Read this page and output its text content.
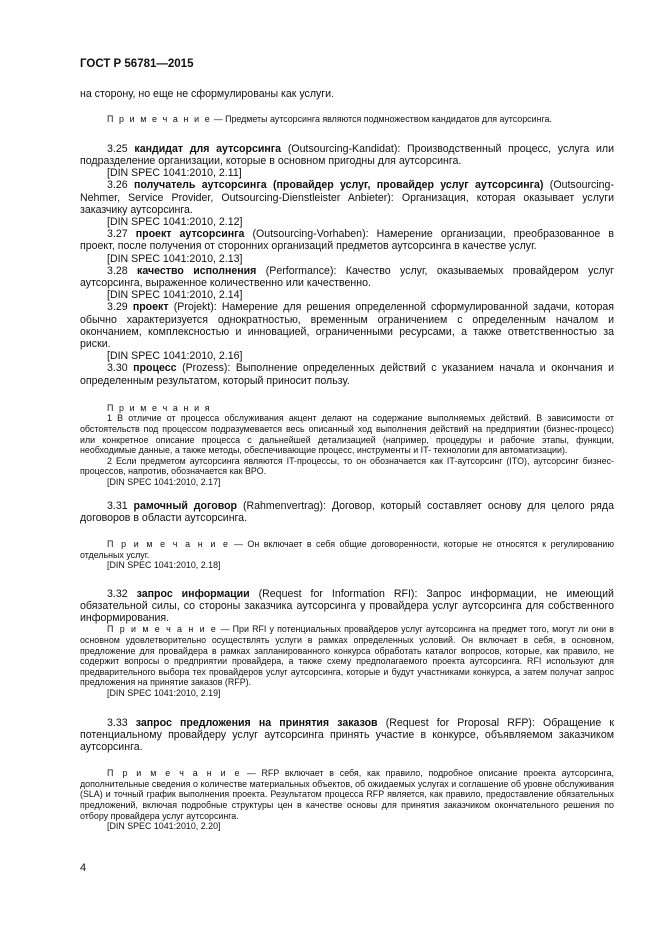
ГОСТ Р 56781—2015

на сторону, но еще не сформулированы как услуги.

П р и м е ч а н и е — Предметы аутсорсинга являются подмножеством кандидатов для аутсорсинга.

3.25 кандидат для аутсорсинга (Outsourcing-Kandidat): Производственный процесс, услуга или подразделение организации, которые в основном пригодны для аутсорсинга.

[DIN SPEC 1041:2010, 2.11]

3.26 получатель аутсорсинга (провайдер услуг, провайдер услуг аутсорсинга) (Outsourcing-Nehmer, Service Provider, Outsourcing-Dienstleister Anbieter): Организация, которая оказывает услуги заказчику аутсорсинга.

[DIN SPEC 1041:2010, 2.12]

3.27 проект аутсорсинга (Outsourcing-Vorhaben): Намерение организации, преобразованное в проект, после получения от сторонних организаций предметов аутсорсинга в качестве услуг.

[DIN SPEC 1041:2010, 2.13]

3.28 качество исполнения (Performance): Качество услуг, оказываемых провайдером услуг аутсорсинга, выраженное количественно или качественно.

[DIN SPEC 1041:2010, 2.14]

3.29 проект (Projekt): Намерение для решения определенной сформулированной задачи, которая обычно характеризуется однократностью, временным ограничением с определенным началом и окончанием, комплексностью и инновацией, ограниченными ресурсами, а также ответственностью за риски.

[DIN SPEC 1041:2010, 2.16]

3.30 процесс (Prozess): Выполнение определенных действий с указанием начала и окончания и определенным результатом, который приносит пользу.

П р и м е ч а н и я

1 В отличие от процесса обслуживания акцент делают на содержание выполняемых действий. В зависимости от обстоятельств под процессом подразумевается весь описанный ход выполнения действий на предприятии (бизнес-процесс) или конкретное описание процесса с дальнейшей детализацией (например, процедуры и рабочие этапы, функции, необходимые данные, а также методы, обеспечивающие процесс, инструменты и IT- технологии для автоматизации).

2 Если предметом аутсорсинга являются IT-процессы, то он обозначается как IT-аутсорсинг (ITO), аутсорсинг бизнес-процессов, напротив, обозначается как BPO.

[DIN SPEC 1041:2010, 2.17]

3.31 рамочный договор (Rahmenvertrag): Договор, который составляет основу для целого ряда договоров в области аутсорсинга.

П р и м е ч а н и е — Он включает в себя общие договоренности, которые не относятся к регулированию отдельных услуг.

[DIN SPEC 1041:2010, 2.18]

3.32 запрос информации (Request for Information RFI): Запрос информации, не имеющий обязательной силы, со стороны заказчика аутсорсинга у провайдера услуг аутсорсинга для собственного информирования.

П р и м е ч а н и е — При RFI у потенциальных провайдеров услуг аутсорсинга на предмет того, могут ли они в основном удовлетворительно осуществлять услуги в рамках определенных условий. Он включает в себя, в основном, предложение для провайдера в рамках запланированного конкурса обработать каталог вопросов, которые, как правило, не содержит вопросы о предприятии провайдера, а также схему предполагаемого проекта аутсорсинга. RFI используют для предварительного выбора тех провайдеров услуг аутсорсинга, которые и будут участниками конкурса, а затем получат запрос предложения на принятие заказов (RFP).

[DIN SPEC 1041:2010, 2.19]

3.33 запрос предложения на принятия заказов (Request for Proposal RFP): Обращение к потенциальному провайдеру услуг аутсорсинга принять участие в конкурсе, объявляемом заказчиком аутсорсинга.

П р и м е ч а н и е — RFP включает в себя, как правило, подробное описание проекта аутсорсинга, дополнительные сведения о количестве материальных объектов, об ожидаемых услугах и соглашение об уровне обслуживания (SLA) и точный график выполнения проекта. Результатом процесса RFP является, как правило, предоставление обязательных предложений, включая подробные структуры цен в качестве основы для принятия заказчиком окончательного решения по отбору провайдера услуг аутсорсинга.

[DIN SPEC 1041:2010, 2.20]

4
